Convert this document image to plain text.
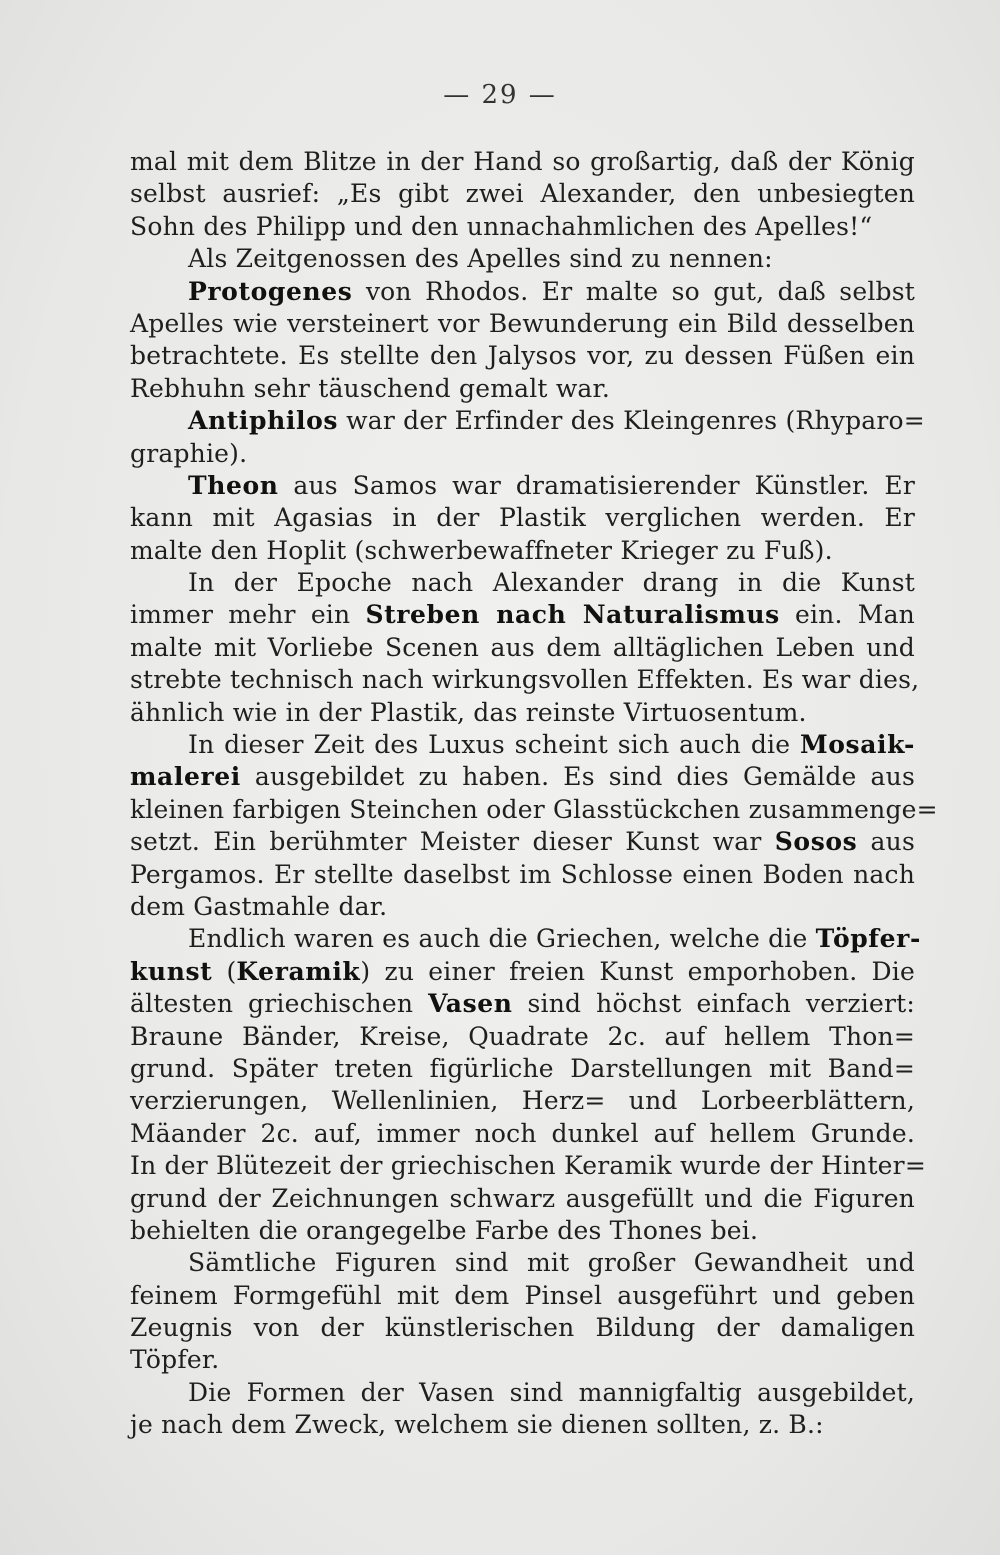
— 29 —
mal mit dem Blitze in der Hand so großartig, daß der König
selbst ausrief: „Es gibt zwei Alexander, den unbesiegten
Sohn des Philipp und den unnachahmlichen des Apelles!“
Als Zeitgenossen des Apelles sind zu nennen:
Protogenes von Rhodos. Er malte so gut, daß selbst
Apelles wie versteinert vor Bewunderung ein Bild desselben
betrachtete. Es stellte den Jalysos vor, zu dessen Füßen ein
Rebhuhn sehr täuschend gemalt war.
Antiphilos war der Erfinder des Kleingenres (Rhyparo=
graphie).
Theon aus Samos war dramatisierender Künstler. Er
kann mit Agasias in der Plastik verglichen werden. Er
malte den Hoplit (schwerbewaffneter Krieger zu Fuß).
In der Epoche nach Alexander drang in die Kunst
immer mehr ein Streben nach Naturalismus ein. Man
malte mit Vorliebe Scenen aus dem alltäglichen Leben und
strebte technisch nach wirkungsvollen Effekten. Es war dies,
ähnlich wie in der Plastik, das reinste Virtuosentum.
In dieser Zeit des Luxus scheint sich auch die Mosaik-
malerei ausgebildet zu haben. Es sind dies Gemälde aus
kleinen farbigen Steinchen oder Glasstückchen zusammenge=
setzt. Ein berühmter Meister dieser Kunst war Sosos aus
Pergamos. Er stellte daselbst im Schlosse einen Boden nach
dem Gastmahle dar.
Endlich waren es auch die Griechen, welche die Töpfer-
kunst (Keramik) zu einer freien Kunst emporhoben. Die
ältesten griechischen Vasen sind höchst einfach verziert:
Braune Bänder, Kreise, Quadrate 2c. auf hellem Thon=
grund. Später treten figürliche Darstellungen mit Band=
verzierungen, Wellenlinien, Herz= und Lorbeerblättern,
Mäander 2c. auf, immer noch dunkel auf hellem Grunde.
In der Blütezeit der griechischen Keramik wurde der Hinter=
grund der Zeichnungen schwarz ausgefüllt und die Figuren
behielten die orangegelbe Farbe des Thones bei.
Sämtliche Figuren sind mit großer Gewandheit und
feinem Formgefühl mit dem Pinsel ausgeführt und geben
Zeugnis von der künstlerischen Bildung der damaligen
Töpfer.
Die Formen der Vasen sind mannigfaltig ausgebildet,
je nach dem Zweck, welchem sie dienen sollten, z. B.:
